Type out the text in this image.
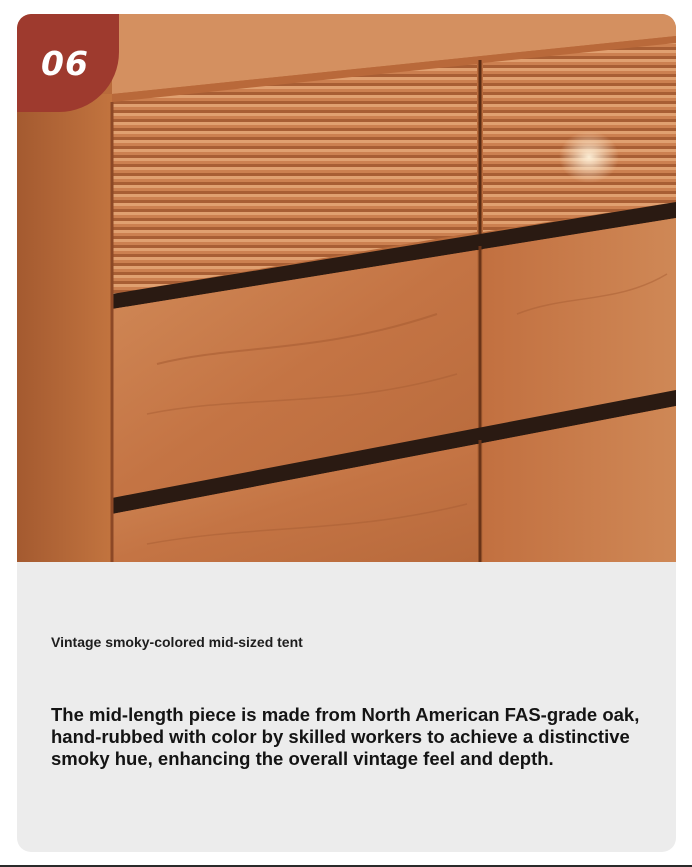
06

Vintage smoky-colored mid-sized tent

The mid-length piece is made from North American FAS-grade oak, hand-rubbed with color by skilled workers to achieve a distinctive smoky hue, enhancing the overall vintage feel and depth.
